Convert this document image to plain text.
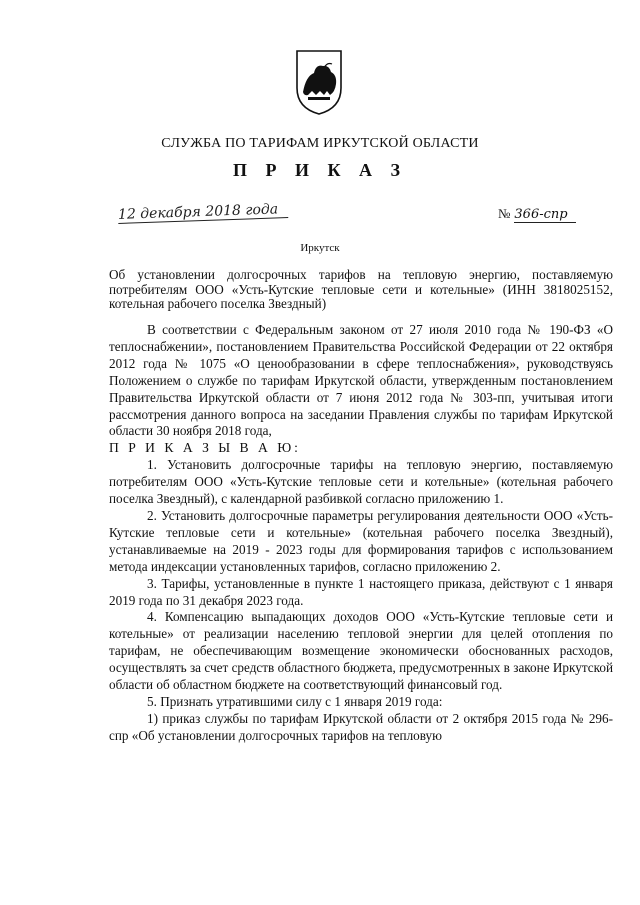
СЛУЖБА ПО ТАРИФАМ ИРКУТСКОЙ ОБЛАСТИ
П Р И К А З
12 декабря 2018 года	№ 366-спр
Иркутск
Об установлении долгосрочных тарифов на тепловую энергию, поставляемую потребителям ООО «Усть-Кутские тепловые сети и котельные» (ИНН 3818025152, котельная рабочего поселка Звездный)

В соответствии с Федеральным законом от 27 июля 2010 года № 190-ФЗ «О теплоснабжении», постановлением Правительства Российской Федерации от 22 октября 2012 года № 1075 «О ценообразовании в сфере теплоснабжения», руководствуясь Положением о службе по тарифам Иркутской области, утвержденным постановлением Правительства Иркутской области от 7 июня 2012 года № 303-пп, учитывая итоги рассмотрения данного вопроса на заседании Правления службы по тарифам Иркутской области 30 ноября 2018 года,

П Р И К А З Ы В А Ю:

1. Установить долгосрочные тарифы на тепловую энергию, поставляемую потребителям ООО «Усть-Кутские тепловые сети и котельные» (котельная рабочего поселка Звездный), с календарной разбивкой согласно приложению 1.

2. Установить долгосрочные параметры регулирования деятельности ООО «Усть-Кутские тепловые сети и котельные» (котельная рабочего поселка Звездный), устанавливаемые на 2019 - 2023 годы для формирования тарифов с использованием метода индексации установленных тарифов, согласно приложению 2.

3. Тарифы, установленные в пункте 1 настоящего приказа, действуют с 1 января 2019 года по 31 декабря 2023 года.

4. Компенсацию выпадающих доходов ООО «Усть-Кутские тепловые сети и котельные» от реализации населению тепловой энергии для целей отопления по тарифам, не обеспечивающим возмещение экономически обоснованных расходов, осуществлять за счет средств областного бюджета, предусмотренных в законе Иркутской области об областном бюджете на соответствующий финансовый год.

5. Признать утратившими силу с 1 января 2019 года:

1) приказ службы по тарифам Иркутской области от 2 октября 2015 года № 296-спр «Об установлении долгосрочных тарифов на тепловую
